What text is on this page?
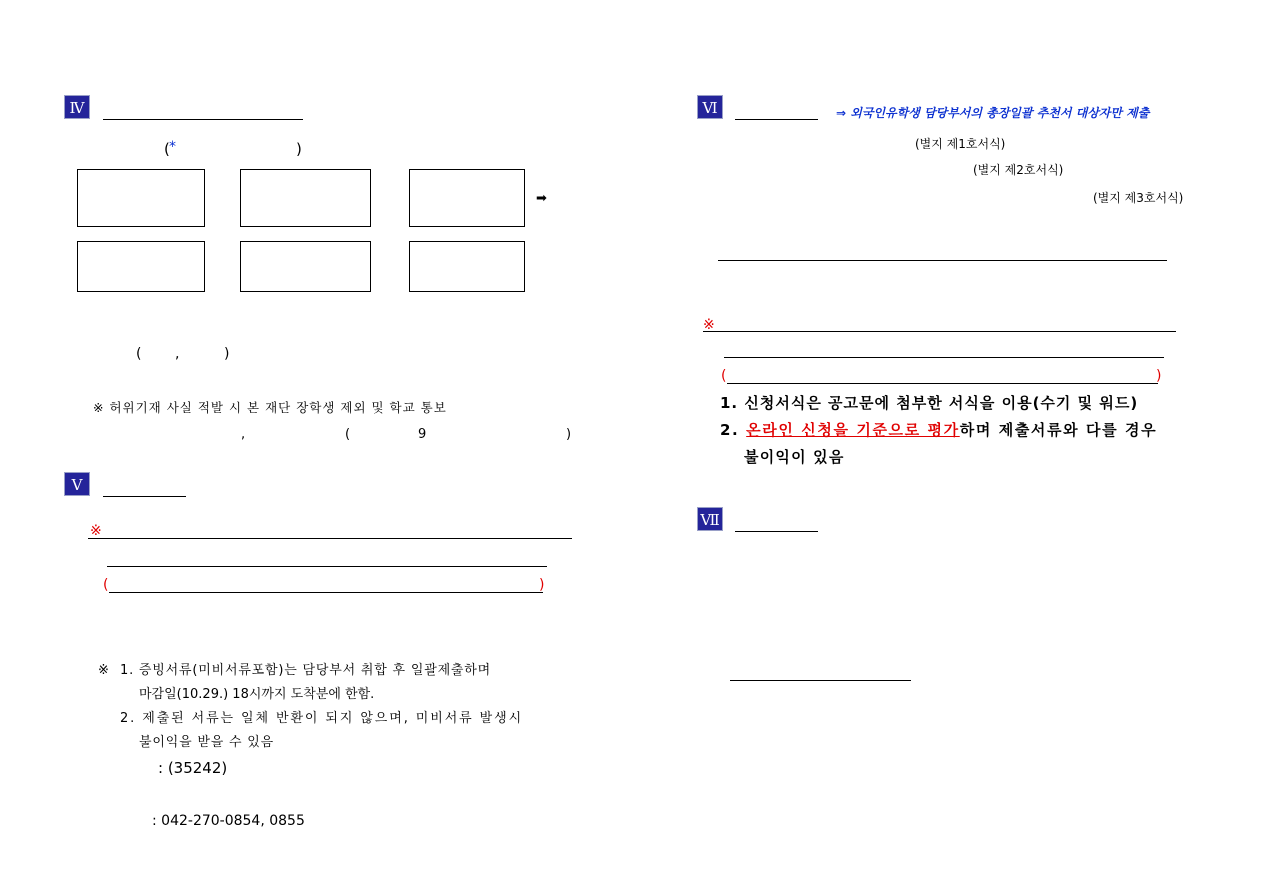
Ⅳ
( *	)
➡
( ,	)
※ 허위기재 사실 적발 시 본 재단 장학생 제외 및 학교 통보
,	(	9	)
Ⅴ
※
(	)
※ 1. 증빙서류(미비서류포함)는 담당부서 취합 후 일괄제출하며
마감일(10.29.) 18시까지 도착분에 한함.
2. 제출된 서류는 일체 반환이 되지 않으며, 미비서류 발생시
불이익을 받을 수 있음
: (35242)
: 042-270-0854, 0855
Ⅵ	⇒ 외국인유학생 담당부서의 총장일괄 추천서 대상자만 제출
(별지 제1호서식)
(별지 제2호서식)
(별지 제3호서식)
※
(	)
1. 신청서식은 공고문에 첨부한 서식을 이용(수기 및 워드)
2. 온라인 신청을 기준으로 평가하며 제출서류와 다를 경우
불이익이 있음
Ⅶ
